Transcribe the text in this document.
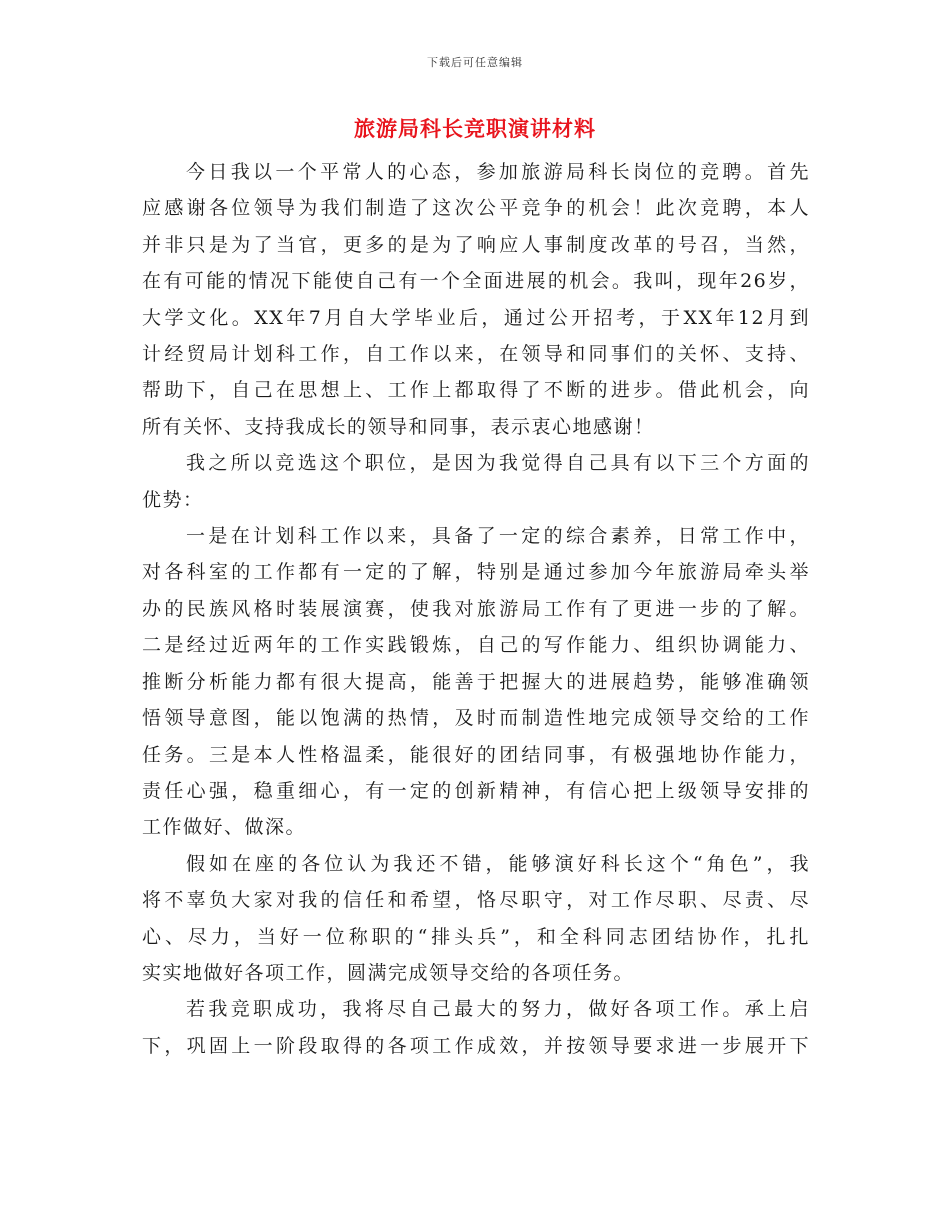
下载后可任意编辑
旅游局科长竞职演讲材料

今日我以一个平常人的心态，参加旅游局科长岗位的竞聘。首先
应感谢各位领导为我们制造了这次公平竞争的机会！此次竞聘，本人
并非只是为了当官，更多的是为了响应人事制度改革的号召，当然，
在有可能的情况下能使自己有一个全面进展的机会。我叫，现年26岁，
大学文化。XX年7月自大学毕业后，通过公开招考，于XX年12月到
计经贸局计划科工作，自工作以来，在领导和同事们的关怀、支持、
帮助下，自己在思想上、工作上都取得了不断的进步。借此机会，向
所有关怀、支持我成长的领导和同事，表示衷心地感谢！

我之所以竞选这个职位，是因为我觉得自己具有以下三个方面的
优势：

一是在计划科工作以来，具备了一定的综合素养，日常工作中，
对各科室的工作都有一定的了解，特别是通过参加今年旅游局牵头举
办的民族风格时装展演赛，使我对旅游局工作有了更进一步的了解。
二是经过近两年的工作实践锻炼，自己的写作能力、组织协调能力、
推断分析能力都有很大提高，能善于把握大的进展趋势，能够准确领
悟领导意图，能以饱满的热情，及时而制造性地完成领导交给的工作
任务。三是本人性格温柔，能很好的团结同事，有极强地协作能力，
责任心强，稳重细心，有一定的创新精神，有信心把上级领导安排的
工作做好、做深。

假如在座的各位认为我还不错，能够演好科长这个“角色”，我
将不辜负大家对我的信任和希望，恪尽职守，对工作尽职、尽责、尽
心、尽力，当好一位称职的“排头兵”，和全科同志团结协作，扎扎
实实地做好各项工作，圆满完成领导交给的各项任务。

若我竞职成功，我将尽自己最大的努力，做好各项工作。承上启
下，巩固上一阶段取得的各项工作成效，并按领导要求进一步展开下
